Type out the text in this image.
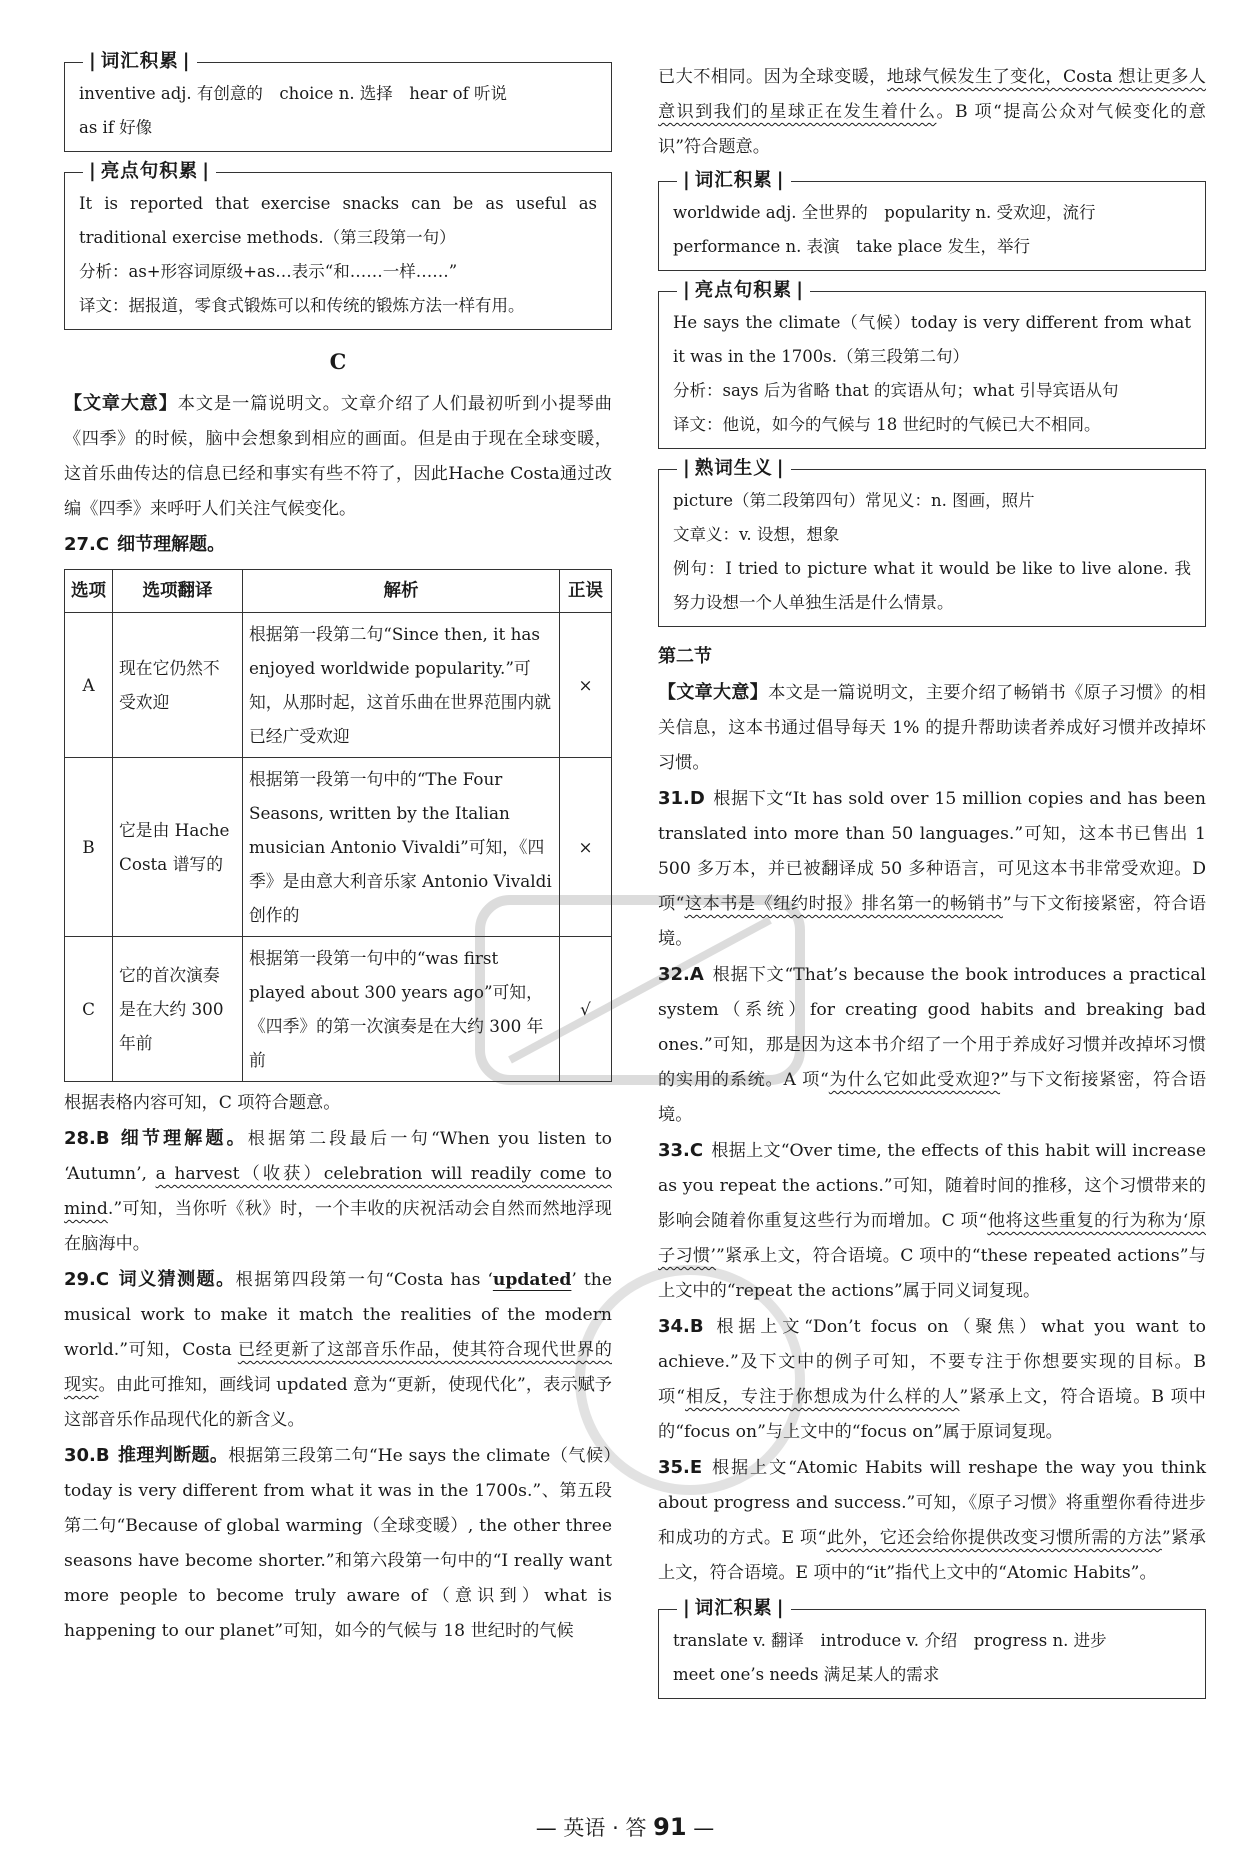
| 词汇积累 |
inventive adj. 有创意的　choice n. 选择　hear of 听说
as if 好像
| 亮点句积累 |
It is reported that exercise snacks can be as useful as traditional exercise methods.（第三段第一句）
分析：as+形容词原级+as…表示“和……一样……”
译文：据报道，零食式锻炼可以和传统的锻炼方法一样有用。
C

【文章大意】本文是一篇说明文。文章介绍了人们最初听到小提琴曲《四季》的时候，脑中会想象到相应的画面。但是由于现在全球变暖，这首乐曲传达的信息已经和事实有些不符了，因此Hache Costa通过改编《四季》来呼吁人们关注气候变化。

27.C 细节理解题。

选项	选项翻译	解析	正误
A	现在它仍然不受欢迎	根据第一段第二句“Since then, it has enjoyed worldwide popularity.”可知，从那时起，这首乐曲在世界范围内就已经广受欢迎	×
B	它是由 Hache Costa 谱写的	根据第一段第一句中的“The Four Seasons, written by the Italian musician Antonio Vivaldi”可知，《四季》是由意大利音乐家 Antonio Vivaldi 创作的	×
C	它的首次演奏是在大约 300 年前	根据第一段第一句中的“was first played about 300 years ago”可知，《四季》的第一次演奏是在大约 300 年前	√

根据表格内容可知，C 项符合题意。

28.B 细节理解题。根据第二段最后一句“When you listen to ‘Autumn’, a harvest（收获）celebration will readily come to mind.”可知，当你听《秋》时，一个丰收的庆祝活动会自然而然地浮现在脑海中。

29.C 词义猜测题。根据第四段第一句“Costa has ‘updated’ the musical work to make it match the realities of the modern world.”可知，Costa 已经更新了这部音乐作品，使其符合现代世界的现实。由此可推知，画线词 updated 意为“更新，使现代化”，表示赋予这部音乐作品现代化的新含义。

30.B 推理判断题。根据第三段第二句“He says the climate（气候）today is very different from what it was in the 1700s.”、第五段第二句“Because of global warming（全球变暖）, the other three seasons have become shorter.”和第六段第一句中的“I really want more people to become truly aware of（意识到）what is happening to our planet”可知，如今的气候与 18 世纪时的气候

已大不相同。因为全球变暖，地球气候发生了变化，Costa 想让更多人意识到我们的星球正在发生着什么。B 项“提高公众对气候变化的意识”符合题意。

| 词汇积累 |
worldwide adj. 全世界的　popularity n. 受欢迎，流行
performance n. 表演　take place 发生，举行
| 亮点句积累 |
He says the climate（气候）today is very different from what it was in the 1700s.（第三段第二句）
分析：says 后为省略 that 的宾语从句；what 引导宾语从句
译文：他说，如今的气候与 18 世纪时的气候已大不相同。
| 熟词生义 |
picture（第二段第四句）常见义：n. 图画，照片
文章义：v. 设想，想象
例句：I tried to picture what it would be like to live alone. 我努力设想一个人单独生活是什么情景。

第二节

【文章大意】本文是一篇说明文，主要介绍了畅销书《原子习惯》的相关信息，这本书通过倡导每天 1% 的提升帮助读者养成好习惯并改掉坏习惯。

31.D 根据下文“It has sold over 15 million copies and has been translated into more than 50 languages.”可知，这本书已售出 1 500 多万本，并已被翻译成 50 多种语言，可见这本书非常受欢迎。D 项“这本书是《纽约时报》排名第一的畅销书”与下文衔接紧密，符合语境。

32.A 根据下文“That’s because the book introduces a practical system（系统）for creating good habits and breaking bad ones.”可知，那是因为这本书介绍了一个用于养成好习惯并改掉坏习惯的实用的系统。A 项“为什么它如此受欢迎?”与下文衔接紧密，符合语境。

33.C 根据上文“Over time, the effects of this habit will increase as you repeat the actions.”可知，随着时间的推移，这个习惯带来的影响会随着你重复这些行为而增加。C 项“他将这些重复的行为称为‘原子习惯’”紧承上文，符合语境。C 项中的“these repeated actions”与上文中的“repeat the actions”属于同义词复现。

34.B 根据上文“Don’t focus on（聚焦）what you want to achieve.”及下文中的例子可知，不要专注于你想要实现的目标。B 项“相反，专注于你想成为什么样的人”紧承上文，符合语境。B 项中的“focus on”与上文中的“focus on”属于原词复现。

35.E 根据上文“Atomic Habits will reshape the way you think about progress and success.”可知，《原子习惯》将重塑你看待进步和成功的方式。E 项“此外，它还会给你提供改变习惯所需的方法”紧承上文，符合语境。E 项中的“it”指代上文中的“Atomic Habits”。

| 词汇积累 |
translate v. 翻译　introduce v. 介绍　progress n. 进步
meet one’s needs 满足某人的需求
— 英语 · 答 91 —
